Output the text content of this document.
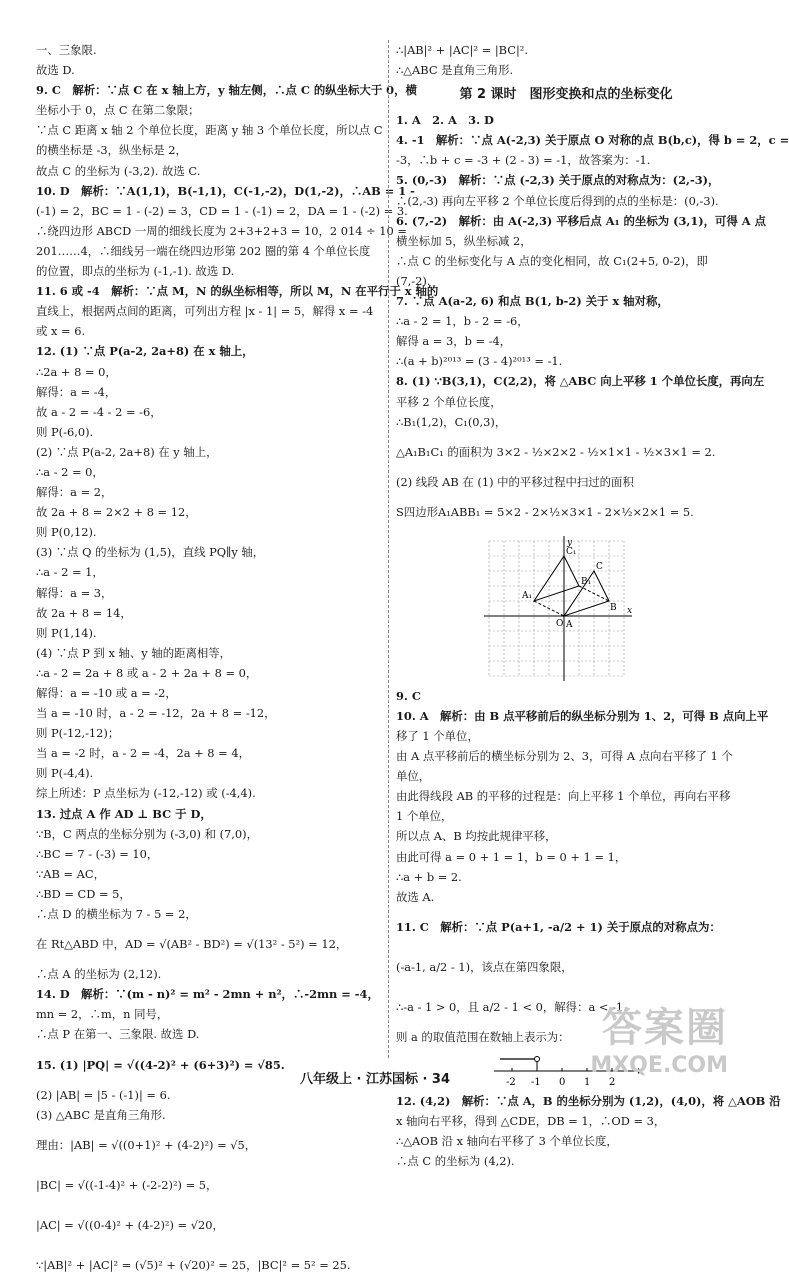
一、三象限.
故选 D.
9. C　解析：∵点 C 在 x 轴上方，y 轴左侧，∴点 C 的纵坐标大于 0，横
坐标小于 0，点 C 在第二象限；
∵点 C 距离 x 轴 2 个单位长度，距离 y 轴 3 个单位长度，所以点 C
的横坐标是 -3，纵坐标是 2，
故点 C 的坐标为 (-3,2). 故选 C.
10. D　解析：∵A(1,1)，B(-1,1)，C(-1,-2)，D(1,-2)，∴AB = 1 -
(-1) = 2，BC = 1 - (-2) = 3，CD = 1 - (-1) = 2，DA = 1 - (-2) = 3.
∴绕四边形 ABCD 一周的细线长度为 2+3+2+3 = 10，2 014 ÷ 10 =
201……4，∴细线另一端在绕四边形第 202 圈的第 4 个单位长度
的位置，即点的坐标为 (-1,-1). 故选 D.
11. 6 或 -4　解析：∵点 M，N 的纵坐标相等，所以 M，N 在平行于 x 轴的
直线上，根据两点间的距离，可列出方程 |x - 1| = 5，解得 x = -4
或 x = 6.
12. (1) ∵点 P(a-2, 2a+8) 在 x 轴上，
∴2a + 8 = 0，
解得：a = -4，
故 a - 2 = -4 - 2 = -6，
则 P(-6,0).
(2) ∵点 P(a-2, 2a+8) 在 y 轴上，
∴a - 2 = 0，
解得：a = 2，
故 2a + 8 = 2×2 + 8 = 12，
则 P(0,12).
(3) ∵点 Q 的坐标为 (1,5)，直线 PQ∥y 轴，
∴a - 2 = 1，
解得：a = 3，
故 2a + 8 = 14，
则 P(1,14).
(4) ∵点 P 到 x 轴、y 轴的距离相等，
∴a - 2 = 2a + 8 或 a - 2 + 2a + 8 = 0，
解得：a = -10 或 a = -2，
当 a = -10 时，a - 2 = -12，2a + 8 = -12，
则 P(-12,-12)；
当 a = -2 时，a - 2 = -4，2a + 8 = 4，
则 P(-4,4).
综上所述：P 点坐标为 (-12,-12) 或 (-4,4).
13. 过点 A 作 AD ⊥ BC 于 D，
∵B，C 两点的坐标分别为 (-3,0) 和 (7,0)，
∴BC = 7 - (-3) = 10，
∵AB = AC，
∴BD = CD = 5，
∴点 D 的横坐标为 7 - 5 = 2，
在 Rt△ABD 中，AD = √(AB² - BD²) = √(13² - 5²) = 12，
∴点 A 的坐标为 (2,12).
14. D　解析：∵(m - n)² = m² - 2mn + n²，∴-2mn = -4，
mn = 2，∴m，n 同号，
∴点 P 在第一、三象限. 故选 D.
15. (1) |PQ| = √((4-2)² + (6+3)²) = √85.
(2) |AB| = |5 - (-1)| = 6.
(3) △ABC 是直角三角形.
理由：|AB| = √((0+1)² + (4-2)²) = √5，
|BC| = √((-1-4)² + (-2-2)²) = 5，
|AC| = √((0-4)² + (4-2)²) = √20，
∵|AB|² + |AC|² = (√5)² + (√20)² = 25，|BC|² = 5² = 25.
∴|AB|² + |AC|² = |BC|².
∴△ABC 是直角三角形.
第 2 课时　图形变换和点的坐标变化
1. A　2. A　3. D
4. -1　解析：∵点 A(-2,3) 关于原点 O 对称的点 B(b,c)，得 b = 2，c =
-3，∴b + c = -3 + (2 - 3) = -1，故答案为：-1.
5. (0,-3)　解析：∵点 (-2,3) 关于原点的对称点为：(2,-3)，
∴(2,-3) 再向左平移 2 个单位长度后得到的点的坐标是：(0,-3).
6. (7,-2)　解析：由 A(-2,3) 平移后点 A₁ 的坐标为 (3,1)，可得 A 点
横坐标加 5，纵坐标减 2，
∴点 C 的坐标变化与 A 点的变化相同，故 C₁(2+5, 0-2)，即
(7,-2).
7. ∵点 A(a-2, 6) 和点 B(1, b-2) 关于 x 轴对称，
∴a - 2 = 1，b - 2 = -6，
解得 a = 3，b = -4，
∴(a + b)²⁰¹³ = (3 - 4)²⁰¹³ = -1.
8. (1) ∵B(3,1)，C(2,2)，将 △ABC 向上平移 1 个单位长度，再向左
平移 2 个单位长度，
∴B₁(1,2)，C₁(0,3)，
△A₁B₁C₁ 的面积为 3×2 - ½×2×2 - ½×1×1 - ½×3×1 = 2.
(2) 线段 AB 在 (1) 中的平移过程中扫过的面积
S四边形A₁ABB₁ = 5×2 - 2×½×3×1 - 2×½×2×1 = 5.
x
y
O A
B
C
A₁
B₁
C₁
9. C
10. A　解析：由 B 点平移前后的纵坐标分别为 1、2，可得 B 点向上平
移了 1 个单位，
由 A 点平移前后的横坐标分别为 2、3，可得 A 点向右平移了 1 个
单位，
由此得线段 AB 的平移的过程是：向上平移 1 个单位，再向右平移
1 个单位，
所以点 A、B 均按此规律平移，
由此可得 a = 0 + 1 = 1，b = 0 + 1 = 1，
∴a + b = 2.
故选 A.
11. C　解析：∵点 P(a+1, -a/2 + 1) 关于原点的对称点为：
(-a-1, a/2 - 1)，该点在第四象限，
∴-a - 1 > 0，且 a/2 - 1 < 0，解得：a < -1，
则 a 的取值范围在数轴上表示为：
-2 -1 0 1 2
12. (4,2)　解析：∵点 A，B 的坐标分别为 (1,2)，(4,0)，将 △AOB 沿
x 轴向右平移，得到 △CDE，DB = 1，∴OD = 3，
∴△AOB 沿 x 轴向右平移了 3 个单位长度，
∴点 C 的坐标为 (4,2).
八年级上 · 江苏国标 · 34
答案圈
MXQE.COM
